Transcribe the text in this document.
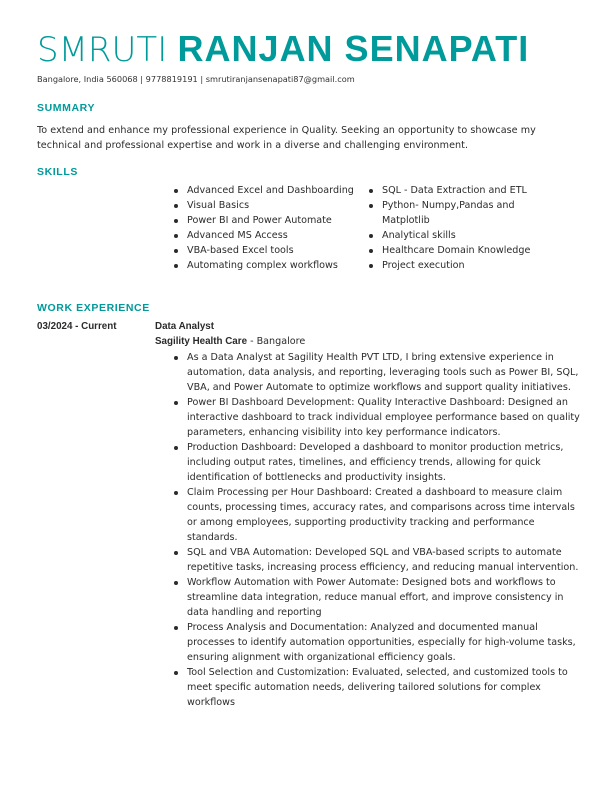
SMRUTI RANJAN SENAPATI
Bangalore, India 560068 | 9778819191 | smrutiranjansenapati87@gmail.com
SUMMARY
To extend and enhance my professional experience in Quality. Seeking an opportunity to showcase my technical and professional expertise and work in a diverse and challenging environment.
SKILLS
Advanced Excel and Dashboarding
Visual Basics
Power BI and Power Automate
Advanced MS Access
VBA-based Excel tools
Automating complex workflows
SQL - Data Extraction and ETL
Python- Numpy,Pandas and Matplotlib
Analytical skills
Healthcare Domain Knowledge
Project execution
WORK EXPERIENCE
03/2024 - Current	Data Analyst
Sagility Health Care - Bangalore
As a Data Analyst at Sagility Health PVT LTD, I bring extensive experience in automation, data analysis, and reporting, leveraging tools such as Power BI, SQL, VBA, and Power Automate to optimize workflows and support quality initiatives.
Power BI Dashboard Development: Quality Interactive Dashboard: Designed an interactive dashboard to track individual employee performance based on quality parameters, enhancing visibility into key performance indicators.
Production Dashboard: Developed a dashboard to monitor production metrics, including output rates, timelines, and efficiency trends, allowing for quick identification of bottlenecks and productivity insights.
Claim Processing per Hour Dashboard: Created a dashboard to measure claim counts, processing times, accuracy rates, and comparisons across time intervals or among employees, supporting productivity tracking and performance standards.
SQL and VBA Automation: Developed SQL and VBA-based scripts to automate repetitive tasks, increasing process efficiency, and reducing manual intervention.
Workflow Automation with Power Automate: Designed bots and workflows to streamline data integration, reduce manual effort, and improve consistency in data handling and reporting
Process Analysis and Documentation: Analyzed and documented manual processes to identify automation opportunities, especially for high-volume tasks, ensuring alignment with organizational efficiency goals.
Tool Selection and Customization: Evaluated, selected, and customized tools to meet specific automation needs, delivering tailored solutions for complex workflows
